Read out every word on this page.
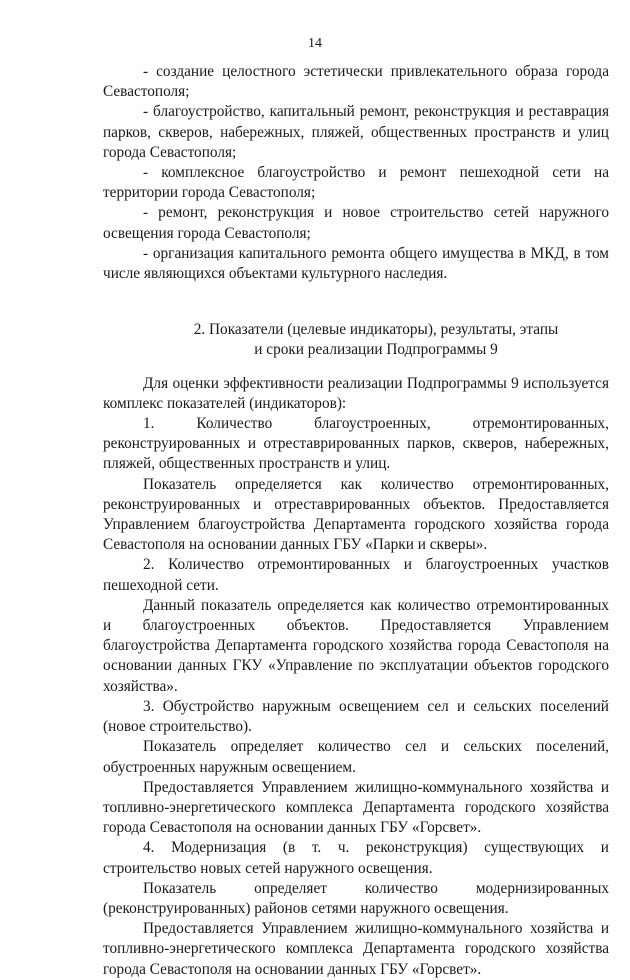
14

- создание целостного эстетически привлекательного образа города Севастополя;

- благоустройство, капитальный ремонт, реконструкция и реставрация парков, скверов, набережных, пляжей, общественных пространств и улиц города Севастополя;

- комплексное благоустройство и ремонт пешеходной сети на территории города Севастополя;

- ремонт, реконструкция и новое строительство сетей наружного освещения города Севастополя;

- организация капитального ремонта общего имущества в МКД, в том числе являющихся объектами культурного наследия.

2. Показатели (целевые индикаторы), результаты, этапы
и сроки реализации Подпрограммы 9

Для оценки эффективности реализации Подпрограммы 9 используется комплекс показателей (индикаторов):

1. Количество благоустроенных, отремонтированных, реконструированных и отреставрированных парков, скверов, набережных, пляжей, общественных пространств и улиц.

Показатель определяется как количество отремонтированных, реконструированных и отреставрированных объектов. Предоставляется Управлением благоустройства Департамента городского хозяйства города Севастополя на основании данных ГБУ «Парки и скверы».

2. Количество отремонтированных и благоустроенных участков пешеходной сети.

Данный показатель определяется как количество отремонтированных и благоустроенных объектов. Предоставляется Управлением благоустройства Департамента городского хозяйства города Севастополя на основании данных ГКУ «Управление по эксплуатации объектов городского хозяйства».

3. Обустройство наружным освещением сел и сельских поселений (новое строительство).

Показатель определяет количество сел и сельских поселений, обустроенных наружным освещением.

Предоставляется Управлением жилищно-коммунального хозяйства и топливно-энергетического комплекса Департамента городского хозяйства города Севастополя на основании данных ГБУ «Горсвет».

4. Модернизация (в т. ч. реконструкция) существующих и строительство новых сетей наружного освещения.

Показатель определяет количество модернизированных (реконструированных) районов сетями наружного освещения.

Предоставляется Управлением жилищно-коммунального хозяйства и топливно-энергетического комплекса Департамента городского хозяйства города Севастополя на основании данных ГБУ «Горсвет».
